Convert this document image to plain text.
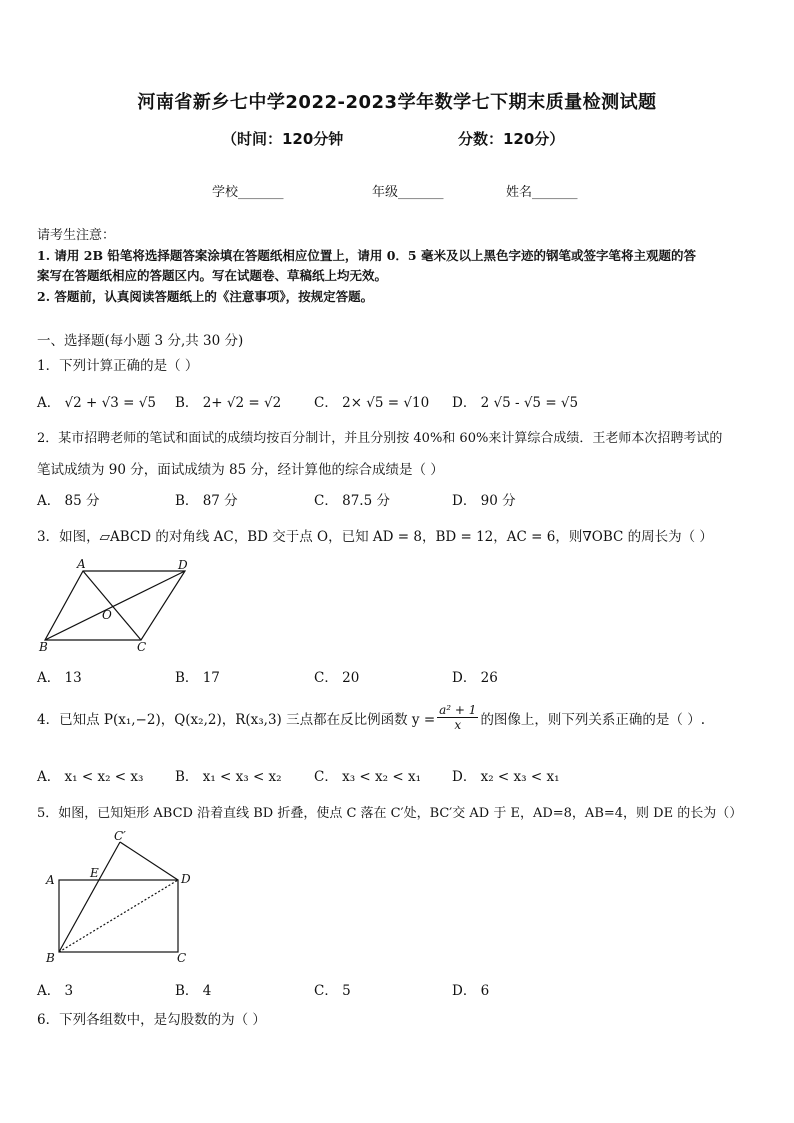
河南省新乡七中学2022-2023学年数学七下期末质量检测试题
（时间：120分钟	分数：120分）
学校_______	年级_______	姓名_______
请考生注意：
1. 请用 2B 铅笔将选择题答案涂填在答题纸相应位置上，请用 0．5 毫米及以上黑色字迹的钢笔或签字笔将主观题的答
案写在答题纸相应的答题区内。写在试题卷、草稿纸上均无效。
2. 答题前，认真阅读答题纸上的《注意事项》，按规定答题。
一、选择题(每小题 3 分,共 30 分)
1．下列计算正确的是（ ）
A． √2 + √3 = √5 B． 2+ √2 = √2 C． 2× √5 = √10 D． 2 √5 - √5 = √5
2．某市招聘老师的笔试和面试的成绩均按百分制计，并且分别按 40%和 60%来计算综合成绩．王老师本次招聘考试的
笔试成绩为 90 分，面试成绩为 85 分，经计算他的综合成绩是（ ）
A． 85 分	B． 87 分	C． 87.5 分	D． 90 分
3．如图，▱ABCD 的对角线 AC，BD 交于点 O，已知 AD = 8，BD = 12，AC = 6，则∇OBC 的周长为（ ）
A	D
B	C
O
A． 13	B． 17	C． 20	D． 26
4．已知点 P(x₁,−2)，Q(x₂,2)，R(x₃,3) 三点都在反比例函数 $y = \frac{\text{a² + 1}}{x}$ 的图像上，则下列关系正确的是（ ）.
A． x₁ < x₂ < x₃ B． x₁ < x₃ < x₂ C． x₃ < x₂ < x₁ D． x₂ < x₃ < x₁
5．如图，已知矩形 ABCD 沿着直线 BD 折叠，使点 C 落在 C′处，BC′交 AD 于 E，AD=8，AB=4，则 DE 的长为（）
A	E	D
C′
B	C
A． 3	B． 4	C． 5	D． 6
6．下列各组数中，是勾股数的为（ ）
